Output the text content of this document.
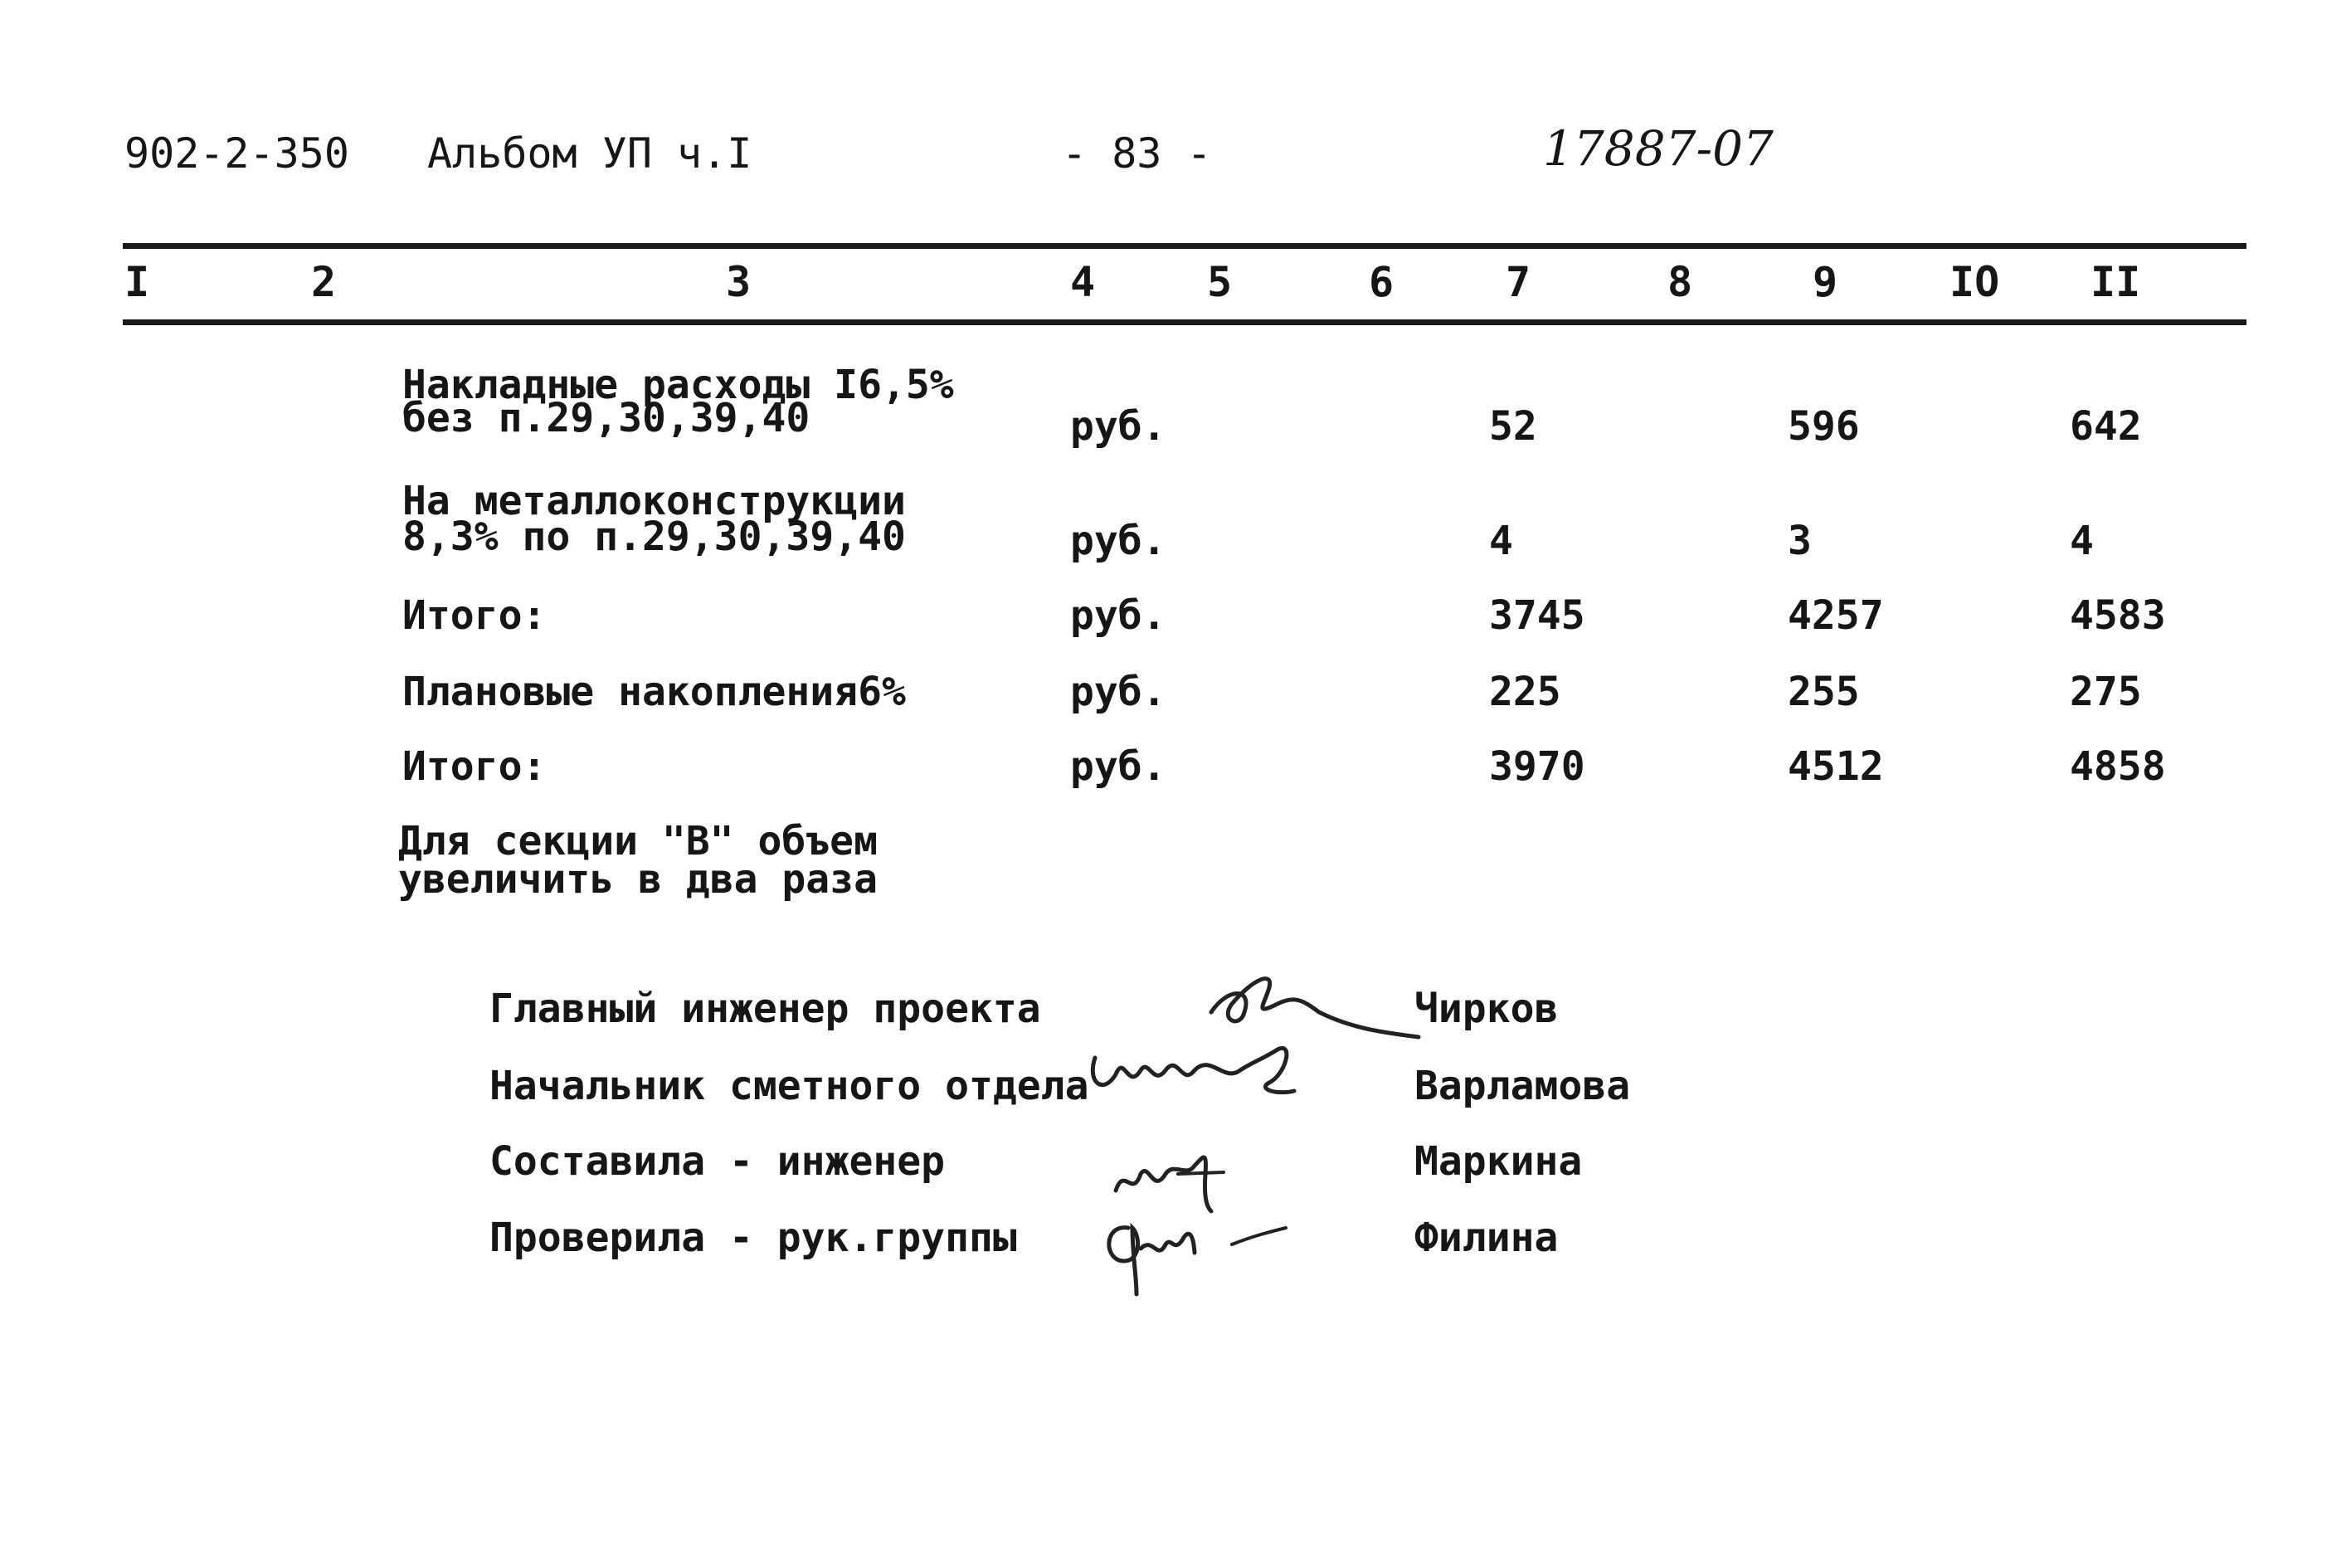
902-2-350 Альбом УП ч.I	- 83 -	17887-07
I	2	3	4	5	6	7	8	9	IO II
Накладные расходы I6,5%
без п.29,30,39,40	руб.	52	596	642
На металлоконструкции
8,3% по п.29,30,39,40	руб.	4	3	4
Итого:	руб.	3745	4257	4583
Плановые накопления6%	руб.	225	255	275
Итого:	руб.	3970	4512	4858
Для секции "В" объем
увеличить в два раза
Главный инженер проекта	Чирков
Начальник сметного отдела	Варламова
Составила - инженер	Маркина
Проверила - рук.группы	Филина
